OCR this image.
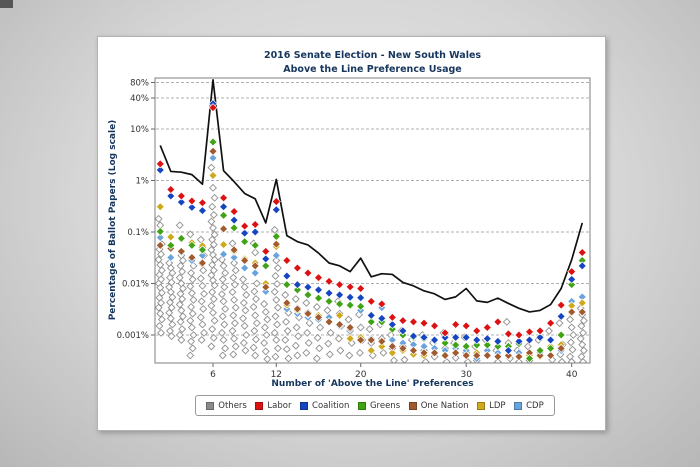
2016 Senate Election - New South Wales
Above the Line Preference Usage
Percentage of Ballot Papers (Log scale)
Number of 'Above the Line' Preferences
80%
40%
10%
1%
0.1%
0.01%
0.001%
6	12	20	30	40
Others Labor Coalition Greens One Nation LDP CDP
